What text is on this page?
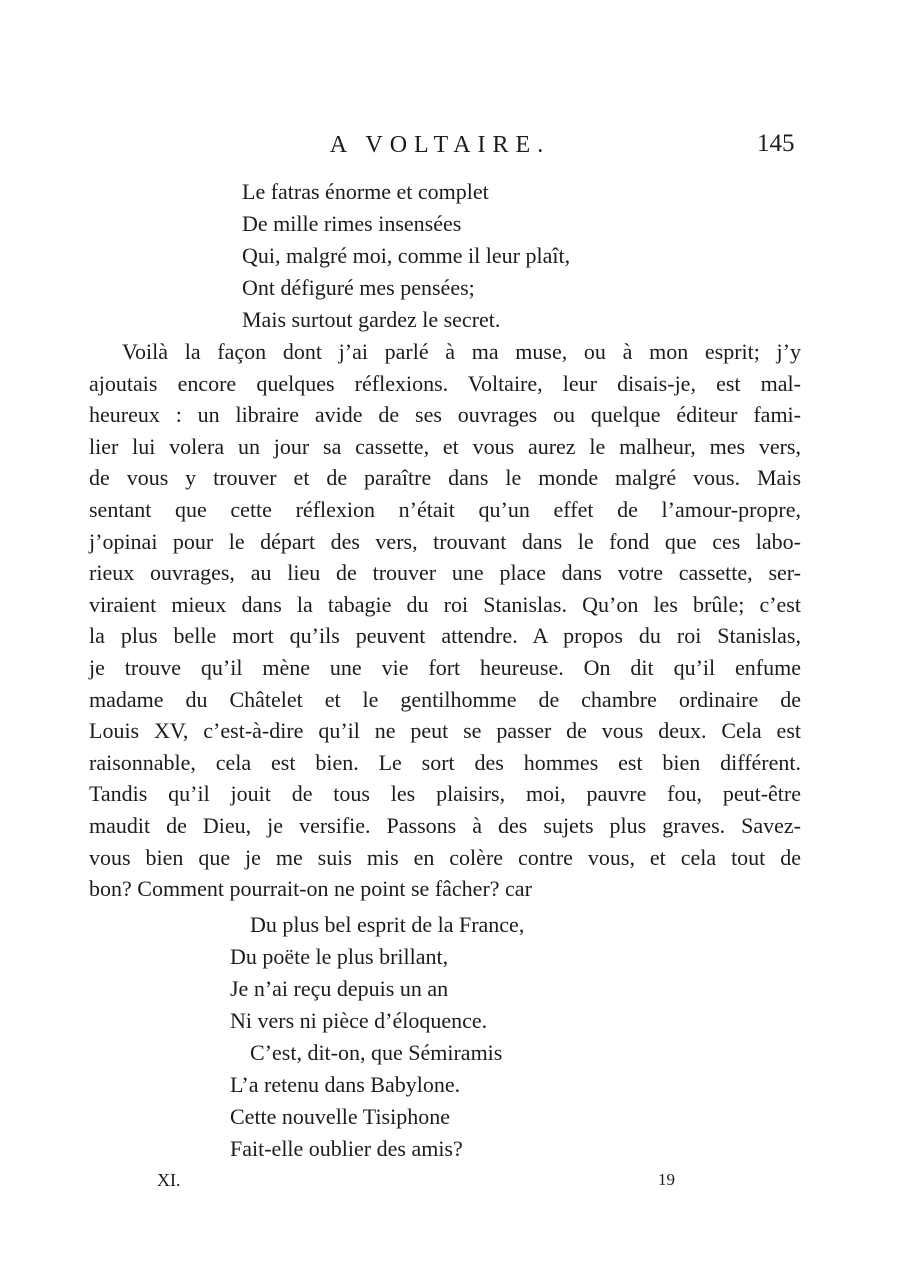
A VOLTAIRE.	145
Le fatras énorme et complet
De mille rimes insensées
Qui, malgré moi, comme il leur plaît,
Ont défiguré mes pensées;
Mais surtout gardez le secret.
Voilà la façon dont j’ai parlé à ma muse, ou à mon esprit; j’y
ajoutais encore quelques réflexions. Voltaire, leur disais-je, est mal-
heureux : un libraire avide de ses ouvrages ou quelque éditeur fami-
lier lui volera un jour sa cassette, et vous aurez le malheur, mes vers,
de vous y trouver et de paraître dans le monde malgré vous. Mais
sentant que cette réflexion n’était qu’un effet de l’amour-propre,
j’opinai pour le départ des vers, trouvant dans le fond que ces labo-
rieux ouvrages, au lieu de trouver une place dans votre cassette, ser-
viraient mieux dans la tabagie du roi Stanislas. Qu’on les brûle; c’est
la plus belle mort qu’ils peuvent attendre. A propos du roi Stanislas,
je trouve qu’il mène une vie fort heureuse. On dit qu’il enfume
madame du Châtelet et le gentilhomme de chambre ordinaire de
Louis XV, c’est-à-dire qu’il ne peut se passer de vous deux. Cela est
raisonnable, cela est bien. Le sort des hommes est bien différent.
Tandis qu’il jouit de tous les plaisirs, moi, pauvre fou, peut-être
maudit de Dieu, je versifie. Passons à des sujets plus graves. Savez-
vous bien que je me suis mis en colère contre vous, et cela tout de
bon? Comment pourrait-on ne point se fâcher? car
Du plus bel esprit de la France,
Du poëte le plus brillant,
Je n’ai reçu depuis un an
Ni vers ni pièce d’éloquence.
C’est, dit-on, que Sémiramis
L’a retenu dans Babylone.
Cette nouvelle Tisiphone
Fait-elle oublier des amis?
XI.	19
